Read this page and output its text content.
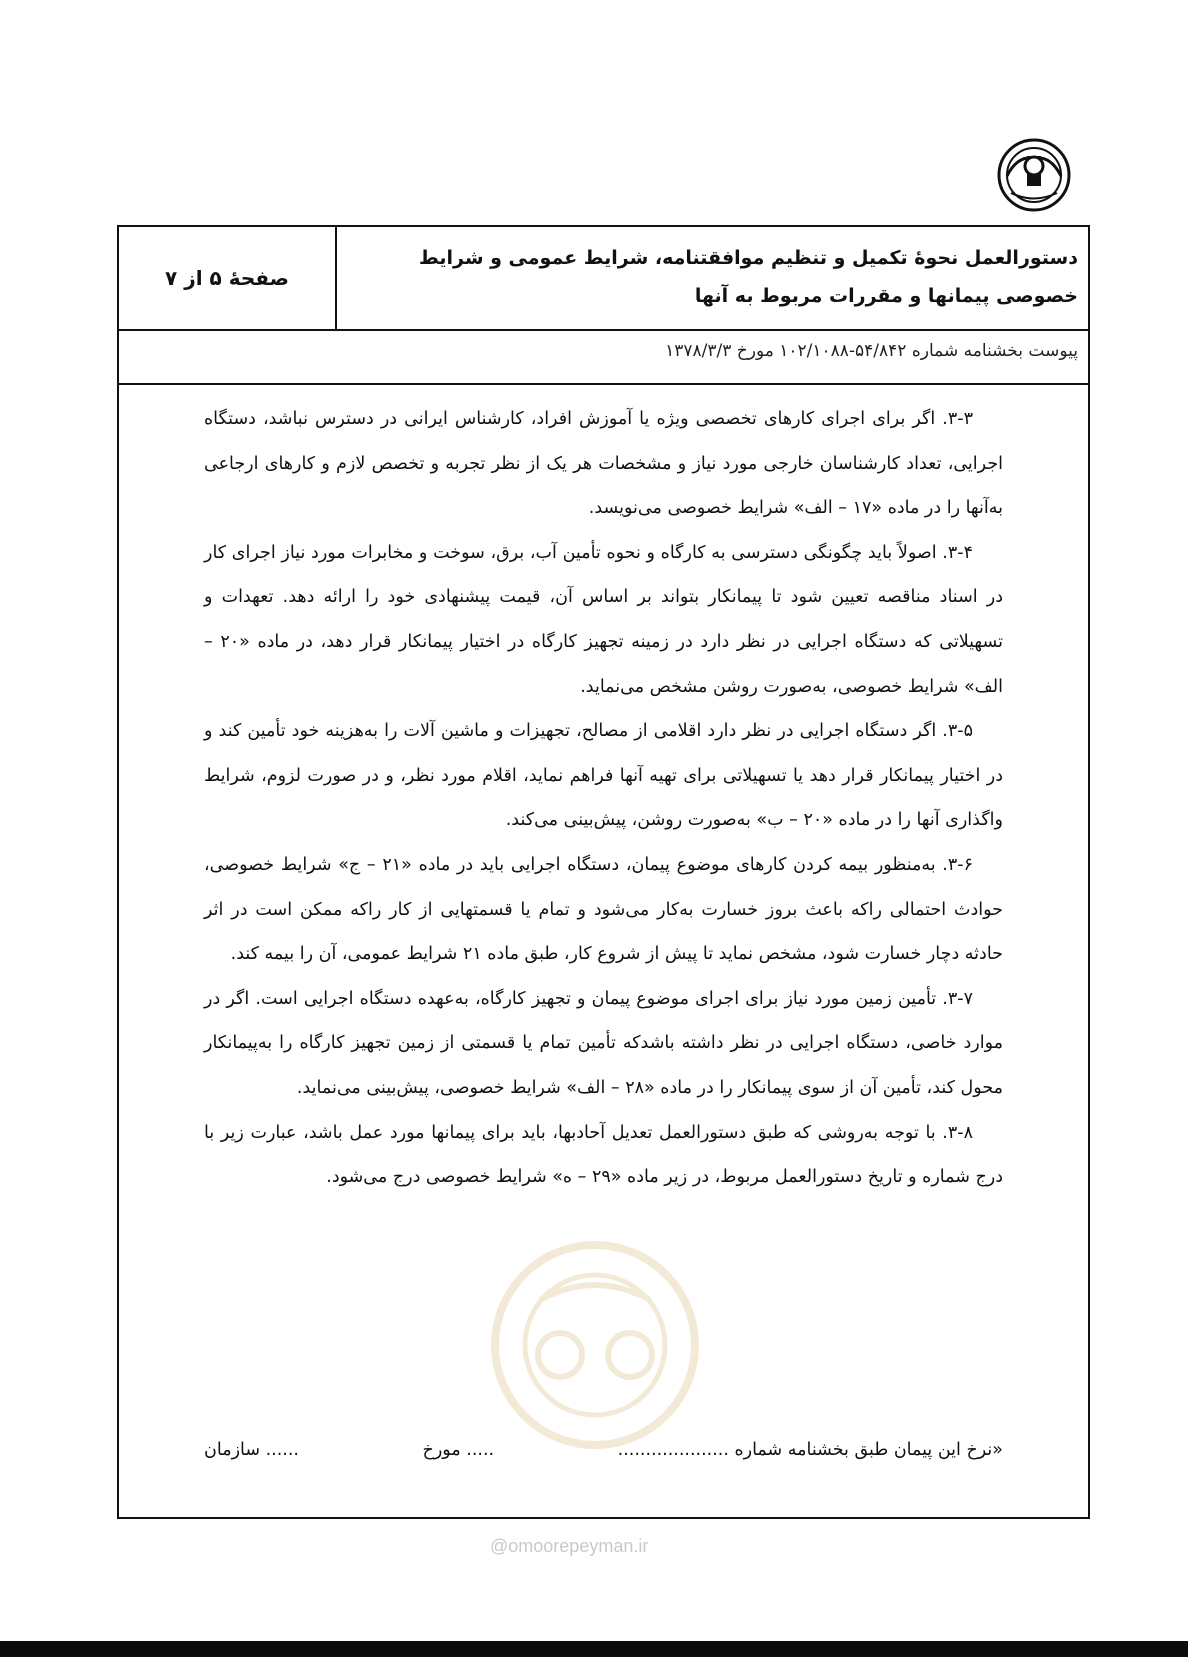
صفحهٔ ۵ از ۷
دستورالعمل نحوهٔ تکمیل و تنظیم موافقتنامه، شرایط عمومی و شرایط خصوصی پیمانها و مقررات مربوط به آنها
پیوست بخشنامه شماره ۵۴/۸۴۲-۱۰۲/۱۰۸۸ مورخ ۱۳۷۸/۳/۳

۳-۳. اگر برای اجرای کارهای تخصصی ویژه یا آموزش افراد، کارشناس ایرانی در دسترس نباشد، دستگاه اجرایی، تعداد کارشناسان خارجی مورد نیاز و مشخصات هر یک از نظر تجربه و تخصص لازم و کارهای ارجاعی به‌آنها را در ماده «۱۷ – الف» شرایط خصوصی می‌نویسد.

۳-۴. اصولاً باید چگونگی دسترسی به کارگاه و نحوه تأمین آب، برق، سوخت و مخابرات مورد نیاز اجرای کار در اسناد مناقصه تعیین شود تا پیمانکار بتواند بر اساس آن، قیمت پیشنهادی خود را ارائه دهد. تعهدات و تسهیلاتی که دستگاه اجرایی در نظر دارد در زمینه تجهیز کارگاه در اختیار پیمانکار قرار دهد، در ماده «۲۰ – الف» شرایط خصوصی، به‌صورت روشن مشخص می‌نماید.

۳-۵. اگر دستگاه اجرایی در نظر دارد اقلامی از مصالح، تجهیزات و ماشین آلات را به‌هزینه خود تأمین کند و در اختیار پیمانکار قرار دهد یا تسهیلاتی برای تهیه آنها فراهم نماید، اقلام مورد نظر، و در صورت لزوم، شرایط واگذاری آنها را در ماده «۲۰ – ب» به‌صورت روشن، پیش‌بینی می‌کند.

۳-۶. به‌منظور بیمه کردن کارهای موضوع پیمان، دستگاه اجرایی باید در ماده «۲۱ – ج» شرایط خصوصی، حوادث احتمالی راکه باعث بروز خسارت به‌کار می‌شود و تمام یا قسمتهایی از کار راکه ممکن است در اثر حادثه دچار خسارت شود، مشخص نماید تا پیش از شروع کار، طبق ماده ۲۱ شرایط عمومی، آن را بیمه کند.

۳-۷. تأمین زمین مورد نیاز برای اجرای موضوع پیمان و تجهیز کارگاه، به‌عهده دستگاه اجرایی است. اگر در موارد خاصی، دستگاه اجرایی در نظر داشته باشدکه تأمین تمام یا قسمتی از زمین تجهیز کارگاه را به‌پیمانکار محول کند، تأمین آن از سوی پیمانکار را در ماده «۲۸ – الف» شرایط خصوصی، پیش‌بینی می‌نماید.

۳-۸. با توجه به‌روشی که طبق دستورالعمل تعدیل آحادبها، باید برای پیمانها مورد عمل باشد، عبارت زیر با درج شماره و تاریخ دستورالعمل مربوط، در زیر ماده «۲۹ – ه» شرایط خصوصی درج می‌شود.

«نرخ این پیمان طبق بخشنامه شماره ....................
..... مورخ
...... سازمان
@omoorepeyman.ir
